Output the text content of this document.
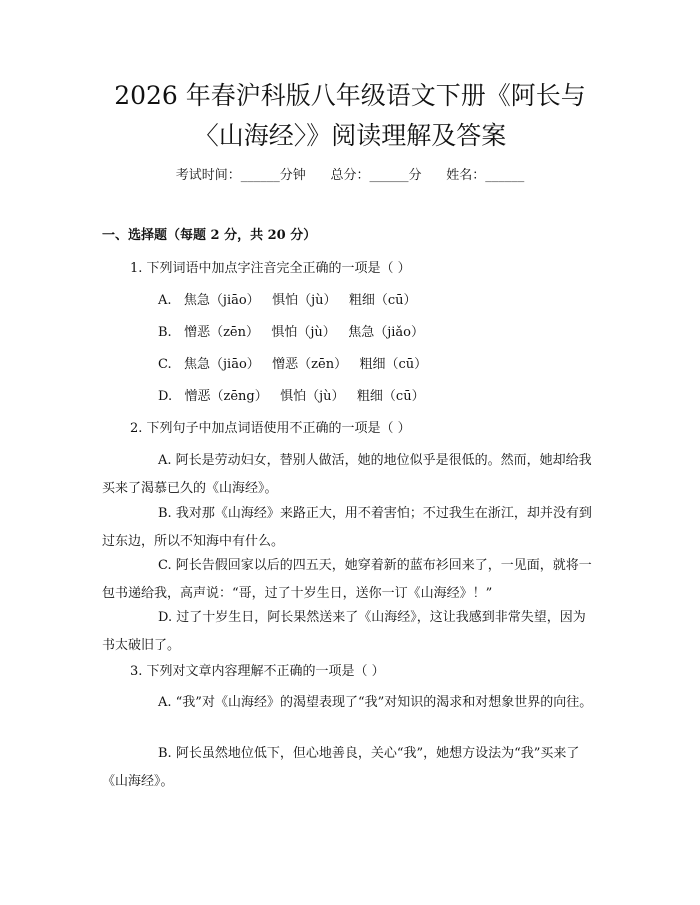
2026 年春沪科版八年级语文下册《阿长与
〈山海经〉》阅读理解及答案
考试时间：______分钟      总分：______分      姓名：______
一、选择题（每题 2 分，共 20 分）
1. 下列词语中加点字注音完全正确的一项是（ ）
A.   焦急（jiāo）   惧怕（jù）   粗细（cū）
B.   憎恶（zēn）   惧怕（jù）   焦急（jiǎo）
C.   焦急（jiāo）   憎恶（zēn）   粗细（cū）
D.   憎恶（zēng）   惧怕（jù）   粗细（cū）
2. 下列句子中加点词语使用不正确的一项是（ ）
A. 阿长是劳动妇女，替别人做活，她的地位似乎是很低的。然而，她却给我买来了渴慕已久的《山海经》。
B. 我对那《山海经》来路正大，用不着害怕；不过我生在浙江，却并没有到过东边，所以不知海中有什么。
C. 阿长告假回家以后的四五天，她穿着新的蓝布衫回来了，一见面，就将一包书递给我，高声说：“哥，过了十岁生日，送你一订《山海经》！”
D. 过了十岁生日，阿长果然送来了《山海经》，这让我感到非常失望，因为书太破旧了。
3. 下列对文章内容理解不正确的一项是（ ）
A. “我”对《山海经》的渴望表现了“我”对知识的渴求和对想象世界的向往。
B. 阿长虽然地位低下，但心地善良，关心“我”，她想方设法为“我”买来了《山海经》。
